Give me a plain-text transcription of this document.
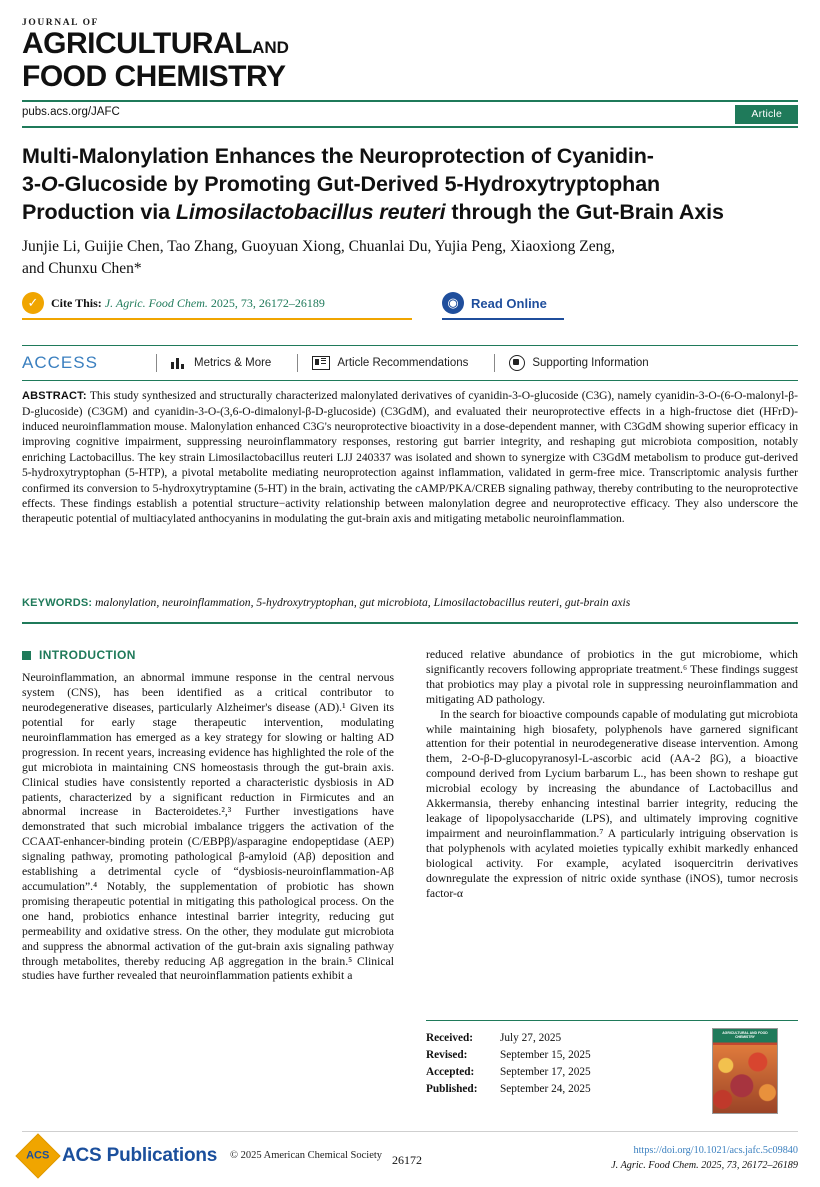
JOURNAL OF
AGRICULTURALAND
FOOD CHEMISTRY
pubs.acs.org/JAFC	Article
Multi-Malonylation Enhances the Neuroprotection of Cyanidin-
3-O-Glucoside by Promoting Gut-Derived 5-Hydroxytryptophan
Production via Limosilactobacillus reuteri through the Gut-Brain Axis
Junjie Li, Guijie Chen, Tao Zhang, Guoyuan Xiong, Chuanlai Du, Yujia Peng, Xiaoxiong Zeng,
and Chunxu Chen*
✓	Cite This: J. Agric. Food Chem. 2025, 73, 26172–26189	◉ Read Online
ACCESS	Metrics & More	Article Recommendations	Supporting Information
ABSTRACT: This study synthesized and structurally characterized malonylated derivatives of cyanidin-3-O-glucoside (C3G), namely cyanidin-3-O-(6-O-malonyl-β-D-glucoside) (C3GM) and cyanidin-3-O-(3,6-O-dimalonyl-β-D-glucoside) (C3GdM), and evaluated their neuroprotective effects in a high-fructose diet (HFrD)-induced neuroinflammation mouse. Malonylation enhanced C3G's neuroprotective bioactivity in a dose-dependent manner, with C3GdM showing superior efficacy in improving cognitive impairment, suppressing neuroinflammatory responses, restoring gut barrier integrity, and reshaping gut microbiota composition, notably enriching Lactobacillus. The key strain Limosilactobacillus reuteri LJJ 240337 was isolated and shown to synergize with C3GdM metabolism to produce gut-derived 5-hydroxytryptophan (5-HTP), a pivotal metabolite mediating neuroprotection against inflammation, validated in germ-free mice. Transcriptomic analysis further confirmed its conversion to 5-hydroxytryptamine (5-HT) in the brain, activating the cAMP/PKA/CREB signaling pathway, thereby contributing to the neuroprotective effects. These findings establish a potential structure−activity relationship between malonylation degree and neuroprotective efficacy. They also underscore the therapeutic potential of multiacylated anthocyanins in modulating the gut-brain axis and mitigating metabolic neuroinflammation.
KEYWORDS: malonylation, neuroinflammation, 5-hydroxytryptophan, gut microbiota, Limosilactobacillus reuteri, gut-brain axis
INTRODUCTION

Neuroinflammation, an abnormal immune response in the central nervous system (CNS), has been identified as a critical contributor to neurodegenerative diseases, particularly Alzheimer's disease (AD).¹ Given its potential for early stage therapeutic intervention, modulating neuroinflammation has emerged as a key strategy for slowing or halting AD progression. In recent years, increasing evidence has highlighted the role of the gut microbiota in maintaining CNS homeostasis through the gut-brain axis. Clinical studies have consistently reported a characteristic dysbiosis in AD patients, characterized by a significant reduction in Firmicutes and an abnormal increase in Bacteroidetes.²,³ Further investigations have demonstrated that such microbial imbalance triggers the activation of the CCAAT-enhancer-binding protein (C/EBPβ)/asparagine endopeptidase (AEP) signaling pathway, promoting pathological β-amyloid (Aβ) deposition and establishing a detrimental cycle of “dysbiosis-neuroinflammation-Aβ accumulation”.⁴ Notably, the supplementation of probiotic has shown promising therapeutic potential in mitigating this pathological process. On the one hand, probiotics enhance intestinal barrier integrity, reducing gut permeability and oxidative stress. On the other, they modulate gut microbiota and suppress the abnormal activation of the gut-brain axis signaling pathway through metabolites, thereby reducing Aβ aggregation in the brain.⁵ Clinical studies have further revealed that neuroinflammation patients exhibit a

reduced relative abundance of probiotics in the gut microbiome, which significantly recovers following appropriate treatment.⁶ These findings suggest that probiotics may play a pivotal role in suppressing neuroinflammation and mitigating AD pathology.

In the search for bioactive compounds capable of modulating gut microbiota while maintaining high biosafety, polyphenols have garnered significant attention for their potential in neurodegenerative disease intervention. Among them, 2-O-β-D-glucopyranosyl-L-ascorbic acid (AA-2 βG), a bioactive compound derived from Lycium barbarum L., has been shown to reshape gut microbial ecology by increasing the abundance of Lactobacillus and Akkermansia, thereby enhancing intestinal barrier integrity, reducing the leakage of lipopolysaccharide (LPS), and ultimately improving cognitive impairment and neuroinflammation.⁷ A particularly intriguing observation is that polyphenols with acylated moieties typically exhibit markedly enhanced biological activity. For example, acylated isoquercitrin derivatives downregulate the expression of nitric oxide synthase (iNOS), tumor necrosis factor-α

Received:	July 27, 2025
Revised:	September 15, 2025
Accepted:	September 17, 2025
Published:	September 24, 2025
AGRICULTURAL AND FOOD CHEMISTRY
ACS ACS Publications © 2025 American Chemical Society 26172
https://doi.org/10.1021/acs.jafc.5c09840
J. Agric. Food Chem. 2025, 73, 26172–26189
